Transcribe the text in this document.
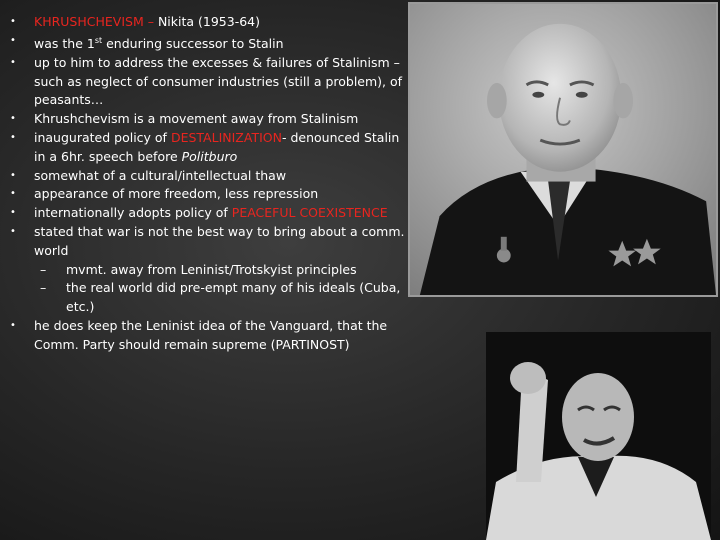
•	KHRUSHCHEVISM – Nikita (1953-64)
•	was the 1st enduring successor to Stalin
•	up to him to address the excesses & failures of Stalinism – such as neglect of consumer industries (still a problem), of peasants…
•	Khrushchevism is a movement away from Stalinism
•	inaugurated policy of DESTALINIZATION- denounced Stalin in a 6hr. speech before Politburo
•	somewhat of a cultural/intellectual thaw
•	appearance of more freedom, less repression
•	internationally adopts policy of PEACEFUL COEXISTENCE
•	stated that war is not the best way to bring about a comm. world
– mvmt. away from Leninist/Trotskyist principles
– the real world did pre-empt many of his ideals (Cuba, etc.)
•	he does keep the Leninist idea of the Vanguard, that the Comm. Party should remain supreme (PARTINOST)
